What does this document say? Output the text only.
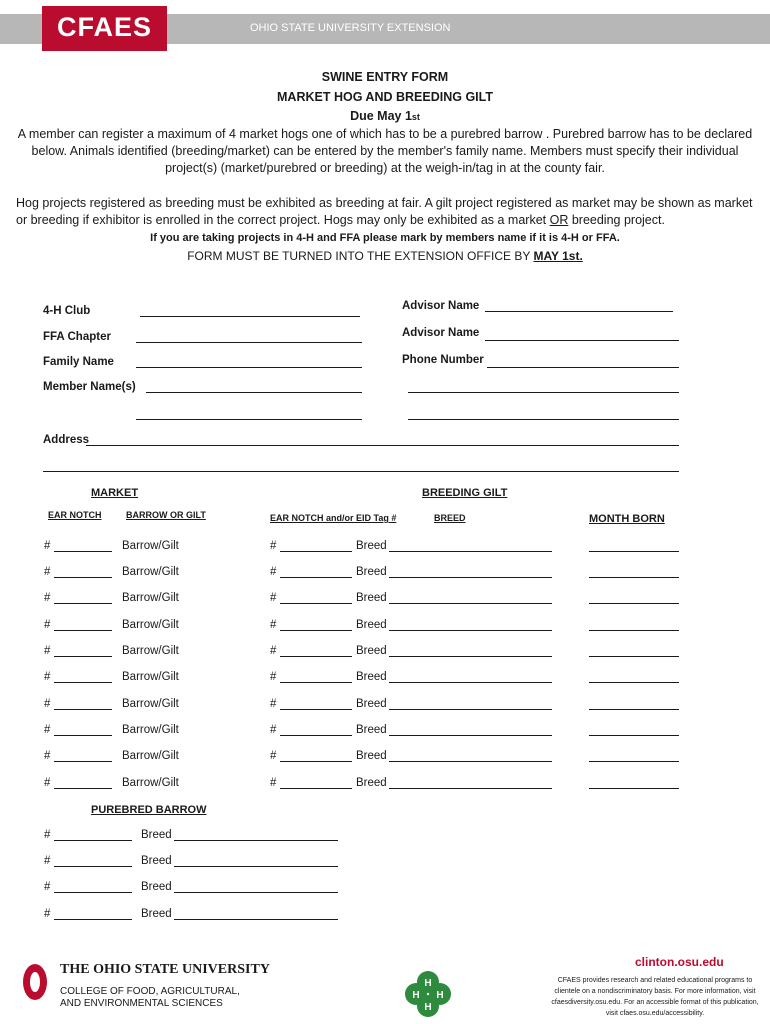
CFAES	OHIO STATE UNIVERSITY EXTENSION
SWINE ENTRY FORM
MARKET HOG AND BREEDING GILT
Due May 1st
A member can register a maximum of 4 market hogs one of which has to be a purebred barrow . Purebred barrow has to be declared below. Animals identified (breeding/market) can be entered by the member's family name. Members must specify their individual project(s) (market/purebred or breeding) at the weigh-in/tag in at the county fair.
Hog projects registered as breeding must be exhibited as breeding at fair. A gilt project registered as market may be shown as market or breeding if exhibitor is enrolled in the correct project. Hogs may only be exhibited as a market OR breeding project.
If you are taking projects in 4-H and FFA please mark by members name if it is 4-H or FFA.
FORM MUST BE TURNED INTO THE EXTENSION OFFICE BY MAY 1st.
4-H Club
FFA Chapter
Family Name
Member Name(s)
Advisor Name
Advisor Name
Phone Number
Address
MARKET	BREEDING GILT
EAR NOTCH	BARROW OR GILT	EAR NOTCH and/or EID Tag #	BREED	MONTH BORN
#	Barrow/Gilt	#	Breed
#	Barrow/Gilt	#	Breed
#	Barrow/Gilt	#	Breed
#	Barrow/Gilt	#	Breed
#	Barrow/Gilt	#	Breed
#	Barrow/Gilt	#	Breed
#	Barrow/Gilt	#	Breed
#	Barrow/Gilt	#	Breed
#	Barrow/Gilt	#	Breed
#	Barrow/Gilt	#	Breed
PUREBRED BARROW
#	Breed
#	Breed
#	Breed
#	Breed
clinton.osu.edu
THE OHIO STATE UNIVERSITY
COLLEGE OF FOOD, AGRICULTURAL,
AND ENVIRONMENTAL SCIENCES
H
H H
H
CFAES provides research and related educational programs to clientele on a nondiscriminatory basis. For more information, visit cfaesdiversity.osu.edu. For an accessible format of this publication, visit cfaes.osu.edu/accessibility.
